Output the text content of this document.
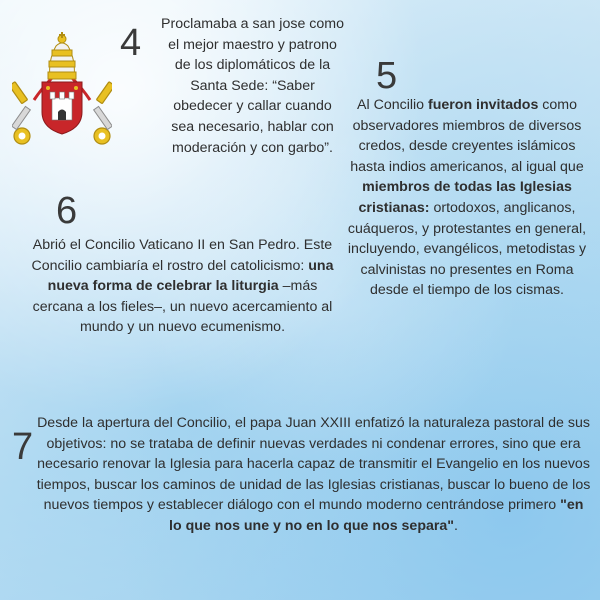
4 Proclamaba a san jose como el mejor maestro y patrono de los diplomáticos de la Santa Sede: “Saber obedecer y callar cuando sea necesario, hablar con moderación y con garbo”.
5
Al Concilio fueron invitados como observadores miembros de diversos credos, desde creyentes islámicos hasta indios americanos, al igual que miembros de todas las Iglesias cristianas: ortodoxos, anglicanos, cuáqueros, y protestantes en general, incluyendo, evangélicos, metodistas y calvinistas no presentes en Roma desde el tiempo de los cismas.
6
Abrió el Concilio Vaticano II en San Pedro. Este Concilio cambiaría el rostro del catolicismo: una nueva forma de celebrar la liturgia –más cercana a los fieles–, un nuevo acercamiento al mundo y un nuevo ecumenismo.
7
Desde la apertura del Concilio, el papa Juan XXIII enfatizó la naturaleza pastoral de sus objetivos: no se trataba de definir nuevas verdades ni condenar errores, sino que era necesario renovar la Iglesia para hacerla capaz de transmitir el Evangelio en los nuevos tiempos, buscar los caminos de unidad de las Iglesias cristianas, buscar lo bueno de los nuevos tiempos y establecer diálogo con el mundo moderno centrándose primero "en lo que nos une y no en lo que nos separa".
